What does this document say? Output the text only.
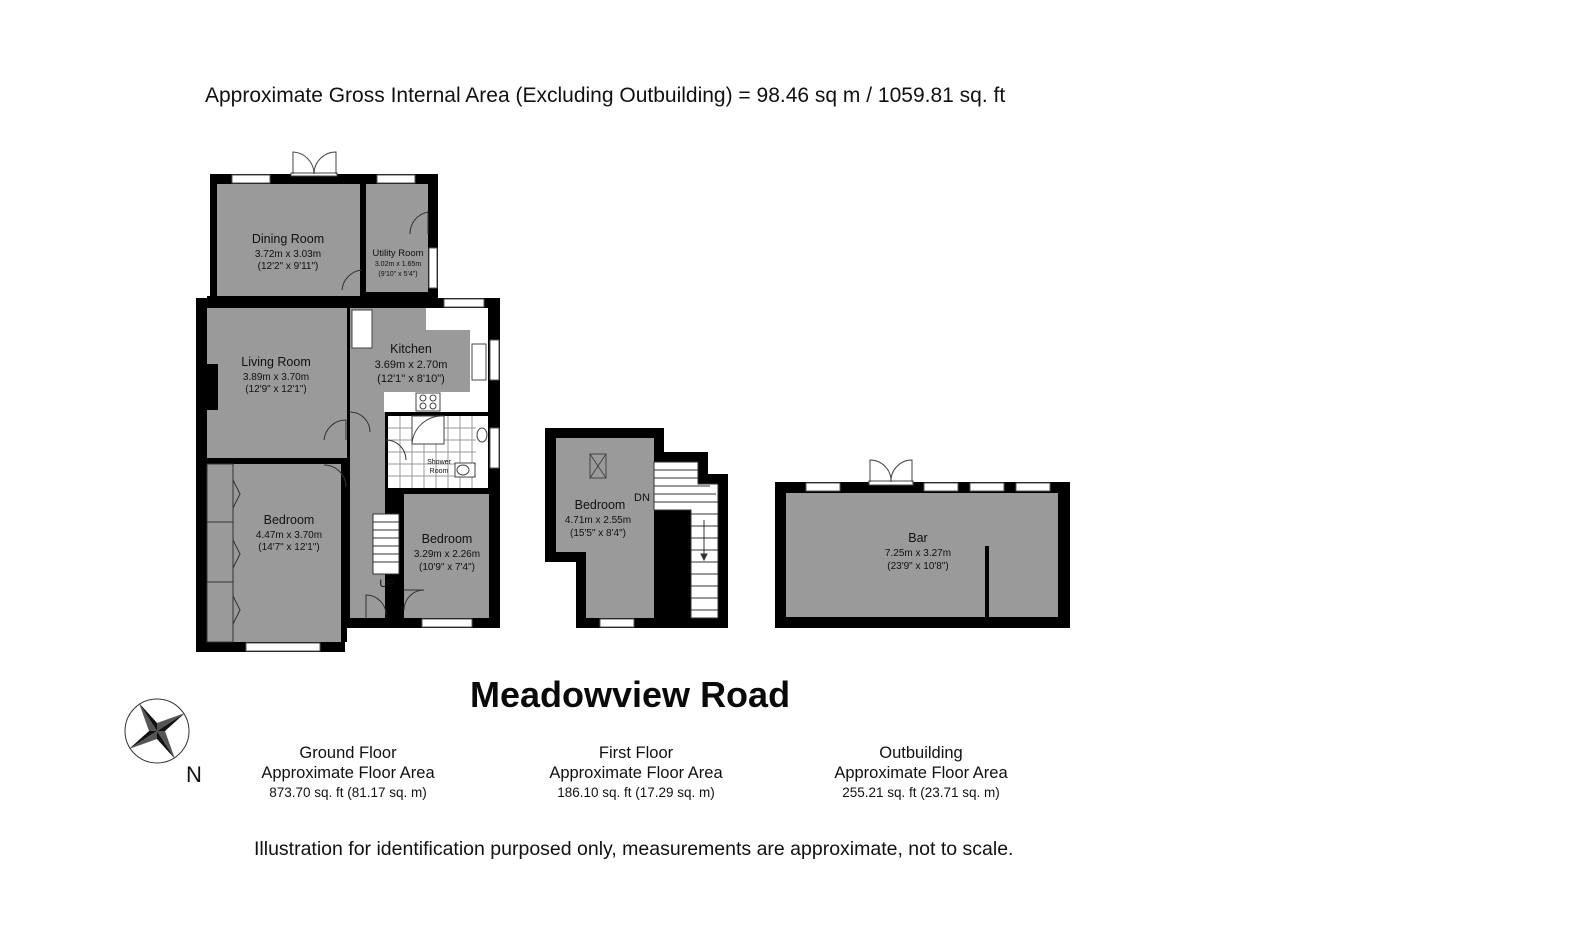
Approximate Gross Internal Area (Excluding Outbuilding) = 98.46 sq m / 1059.81 sq. ft
Dining Room
3.72m x 3.03m
(12'2" x 9'11")
Utility Room
3.02m x 1.65m
(9'10" x 5'4")
Living Room
3.89m x 3.70m
(12'9" x 12'1")
Kitchen
3.69m x 2.70m
(12'1" x 8'10")
Shower
Room
Bedroom
4.47m x 3.70m
(14'7" x 12'1")
Bedroom
3.29m x 2.26m
(10'9" x 7'4")
UP
Bedroom
4.71m x 2.55m
(15'5" x 8'4")
DN
Bar
7.25m x 3.27m
(23'9" x 10'8")
Meadowview Road
N
Ground Floor
Approximate Floor Area
873.70 sq. ft (81.17 sq. m)
First Floor
Approximate Floor Area
186.10 sq. ft (17.29 sq. m)
Outbuilding
Approximate Floor Area
255.21 sq. ft (23.71 sq. m)
Illustration for identification purposed only, measurements are approximate, not to scale.
